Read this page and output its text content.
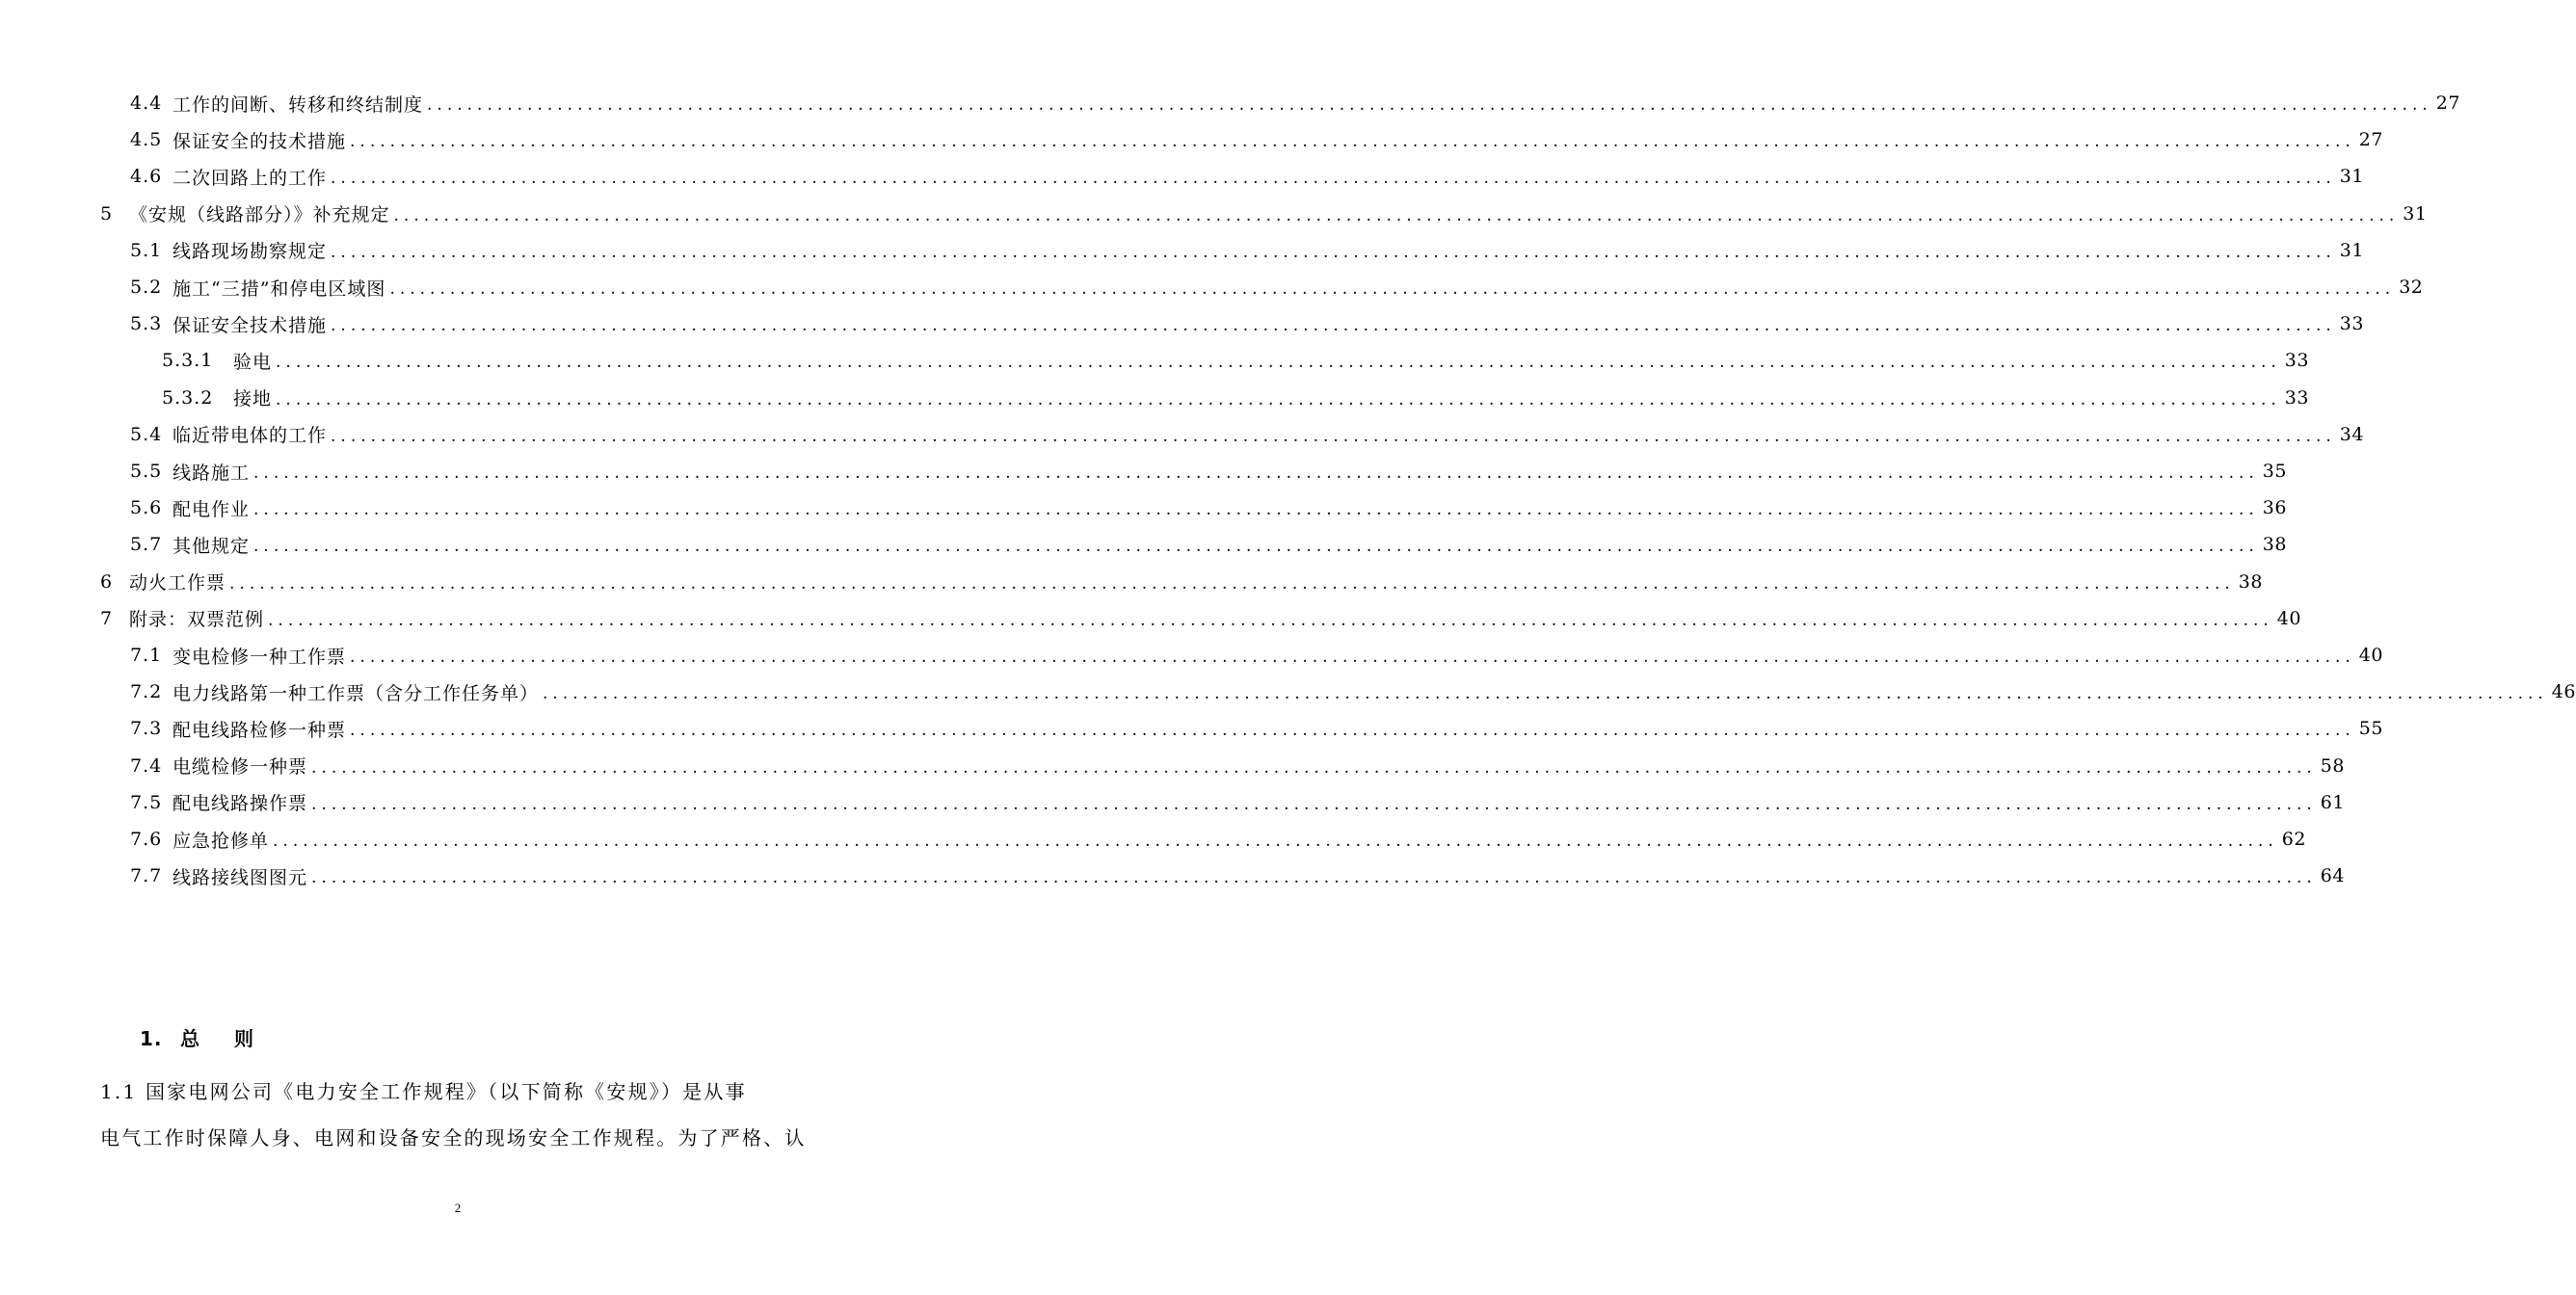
4.4 工作的间断、转移和终结制度 ........................................................................................................................................................................................................ 27
4.5 保证安全的技术措施 ........................................................................................................................................................................................................ 27
4.6 二次回路上的工作 ........................................................................................................................................................................................................ 31
5 《安规（线路部分）》补充规定 ........................................................................................................................................................................................................ 31
5.1 线路现场勘察规定 ........................................................................................................................................................................................................ 31
5.2 施工“三措”和停电区域图 ........................................................................................................................................................................................................ 32
5.3 保证安全技术措施 ........................................................................................................................................................................................................ 33
5.3.1	验电 ........................................................................................................................................................................................................ 33
5.3.2	接地 ........................................................................................................................................................................................................ 33
5.4 临近带电体的工作 ........................................................................................................................................................................................................ 34
5.5 线路施工 ........................................................................................................................................................................................................ 35
5.6 配电作业 ........................................................................................................................................................................................................ 36
5.7 其他规定 ........................................................................................................................................................................................................ 38
6 动火工作票 ........................................................................................................................................................................................................ 38
7 附录：双票范例 ........................................................................................................................................................................................................ 40
7.1 变电检修一种工作票 ........................................................................................................................................................................................................ 40
7.2 电力线路第一种工作票（含分工作任务单） ........................................................................................................................................................................................................ 46
7.3 配电线路检修一种票 ........................................................................................................................................................................................................ 55
7.4 电缆检修一种票 ........................................................................................................................................................................................................ 58
7.5 配电线路操作票 ........................................................................................................................................................................................................ 61
7.6 应急抢修单 ........................................................................................................................................................................................................ 62
7.7 线路接线图图元 ........................................................................................................................................................................................................ 64
1. 总 则
1.1 国家电网公司《电力安全工作规程》（以下简称《安规》）是从事
电气工作时保障人身、电网和设备安全的现场安全工作规程。为了严格、认
2
